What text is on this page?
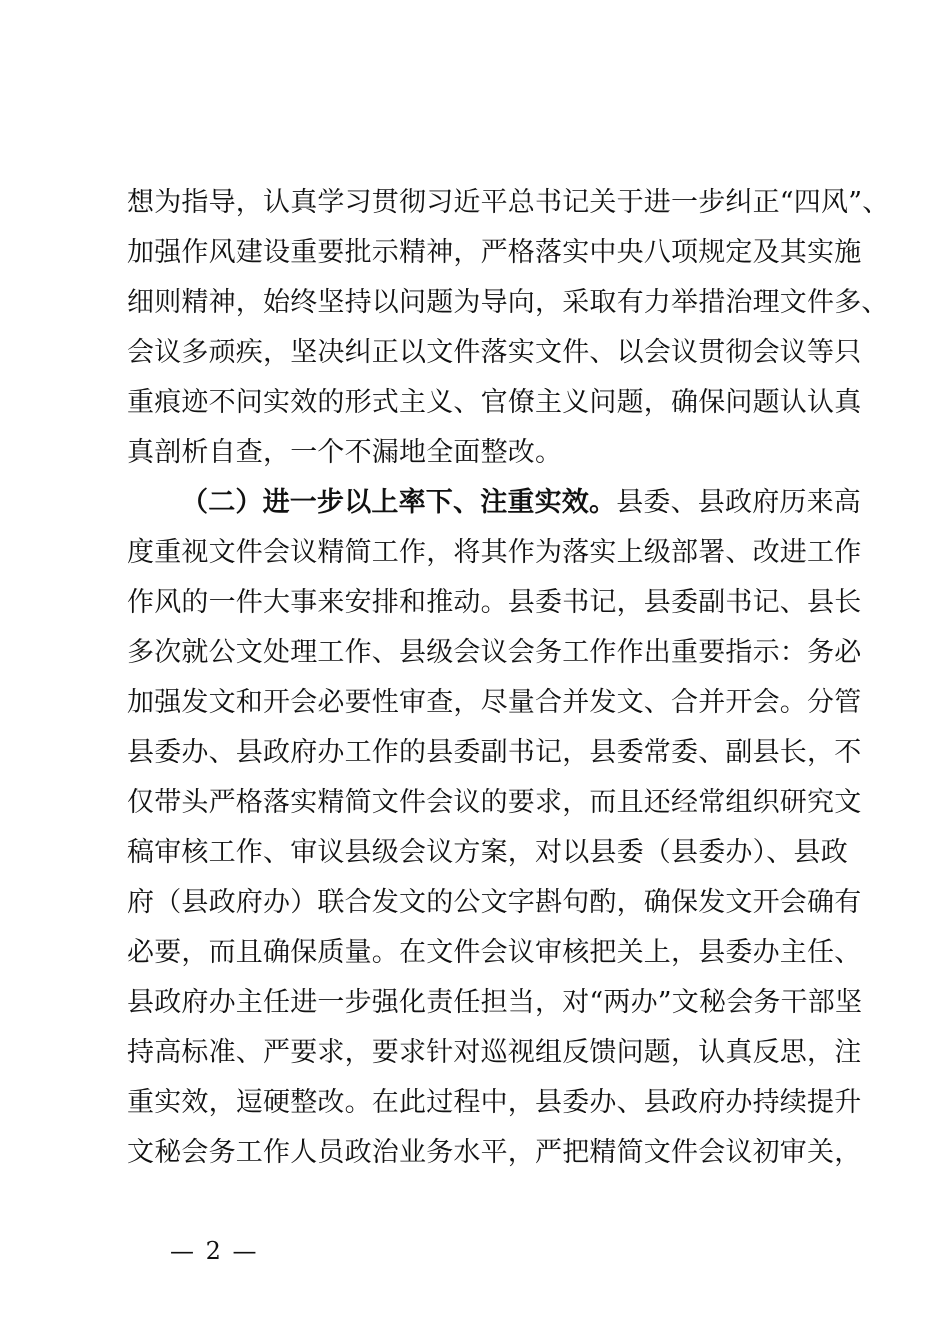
想为指导，认真学习贯彻习近平总书记关于进一步纠正“四风”、
加强作风建设重要批示精神，严格落实中央八项规定及其实施
细则精神，始终坚持以问题为导向，采取有力举措治理文件多、
会议多顽疾，坚决纠正以文件落实文件、以会议贯彻会议等只
重痕迹不问实效的形式主义、官僚主义问题，确保问题认认真
真剖析自查，一个不漏地全面整改。
（二）进一步以上率下、注重实效。县委、县政府历来高
度重视文件会议精简工作，将其作为落实上级部署、改进工作
作风的一件大事来安排和推动。县委书记，县委副书记、县长
多次就公文处理工作、县级会议会务工作作出重要指示：务必
加强发文和开会必要性审查，尽量合并发文、合并开会。分管
县委办、县政府办工作的县委副书记，县委常委、副县长，不
仅带头严格落实精简文件会议的要求，而且还经常组织研究文
稿审核工作、审议县级会议方案，对以县委（县委办）、县政
府（县政府办）联合发文的公文字斟句酌，确保发文开会确有
必要，而且确保质量。在文件会议审核把关上，县委办主任、
县政府办主任进一步强化责任担当，对“两办”文秘会务干部坚
持高标准、严要求，要求针对巡视组反馈问题，认真反思，注
重实效，逗硬整改。在此过程中，县委办、县政府办持续提升
文秘会务工作人员政治业务水平，严把精简文件会议初审关，
— 2 —
